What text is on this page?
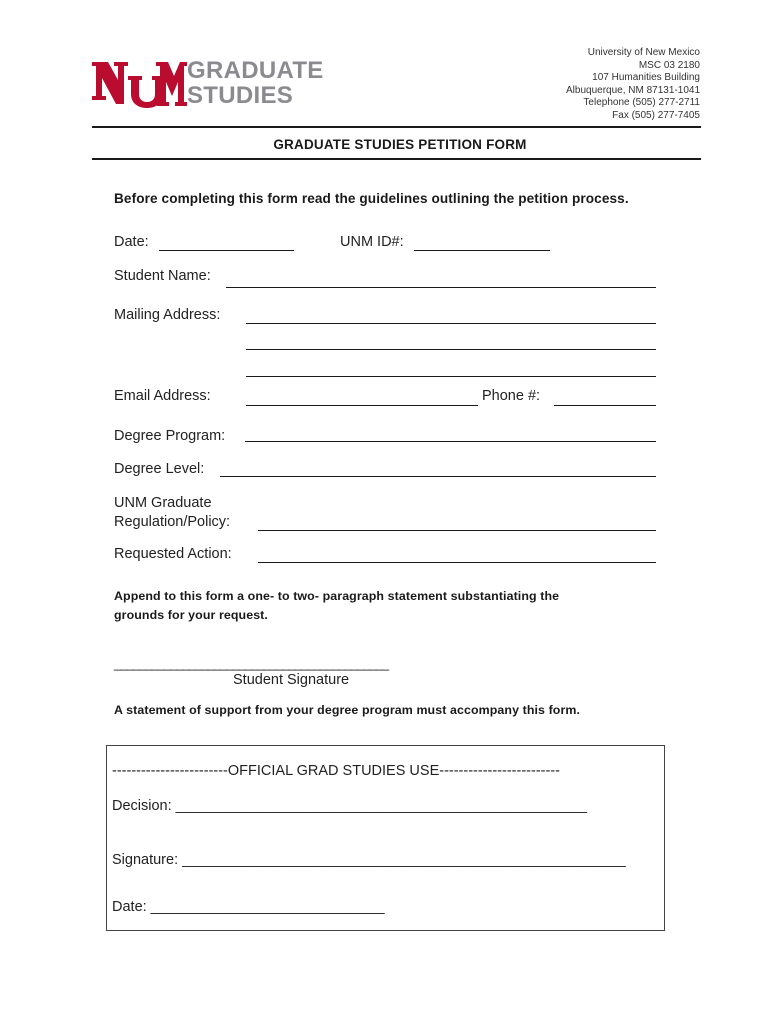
GRADUATE
STUDIES
University of New Mexico
MSC 03 2180
107 Humanities Building
Albuquerque, NM 87131-1041
Telephone (505) 277-2711
Fax (505) 277-7405
GRADUATE STUDIES PETITION FORM
Before completing this form read the guidelines outlining the petition process.
Date:	UNM ID#:
Student Name:
Mailing Address:
Email Address:	Phone #:
Degree Program:
Degree Level:
UNM Graduate
Regulation/Policy:
Requested Action:
Append to this form a one- to two- paragraph statement substantiating the
grounds for your request.
____________________________________________
Student Signature
A statement of support from your degree program must accompany this form.
------------------------OFFICIAL GRAD STUDIES USE-------------------------
Decision: ___________________________________________________
Signature: _______________________________________________________
Date: _____________________________
